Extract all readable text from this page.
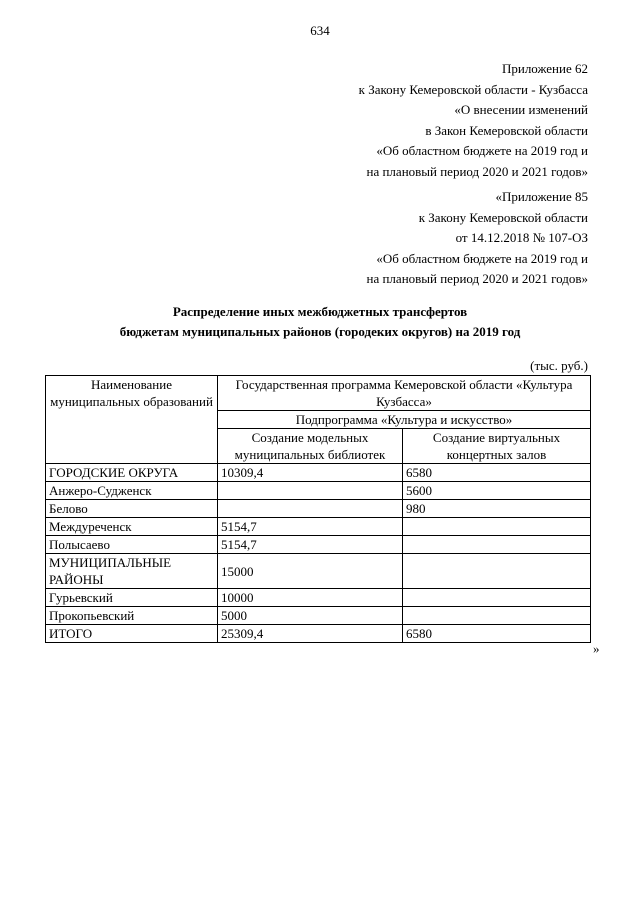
634
Приложение 62
к Закону Кемеровской области - Кузбасса
«О внесении изменений
в Закон Кемеровской области
«Об областном бюджете на 2019 год и
на плановый период 2020 и 2021 годов»
«Приложение 85
к Закону Кемеровской области
от 14.12.2018 № 107-ОЗ
«Об областном бюджете на 2019 год и
на плановый период 2020 и 2021 годов»
Распределение иных межбюджетных трансфертов
бюджетам муниципальных районов (городеких округов) на 2019 год
(тыс. руб.)
Наименование муниципальных образований	Государственная программа Кемеровской области «Культура Кузбасса»	
	Подпрограмма «Культура и искусство»	
	Создание модельных муниципальных библиотек	Создание виртуальных концертных залов
ГОРОДСКИЕ ОКРУГА	10309,4	6580
Анжеро-Судженск		5600
Белово		980
Междуреченск	5154,7	
Полысаево	5154,7	
МУНИЦИПАЛЬНЫЕ РАЙОНЫ	15000	
Гурьевский	10000	
Прокопьевский	5000	
ИТОГО	25309,4	6580
»
